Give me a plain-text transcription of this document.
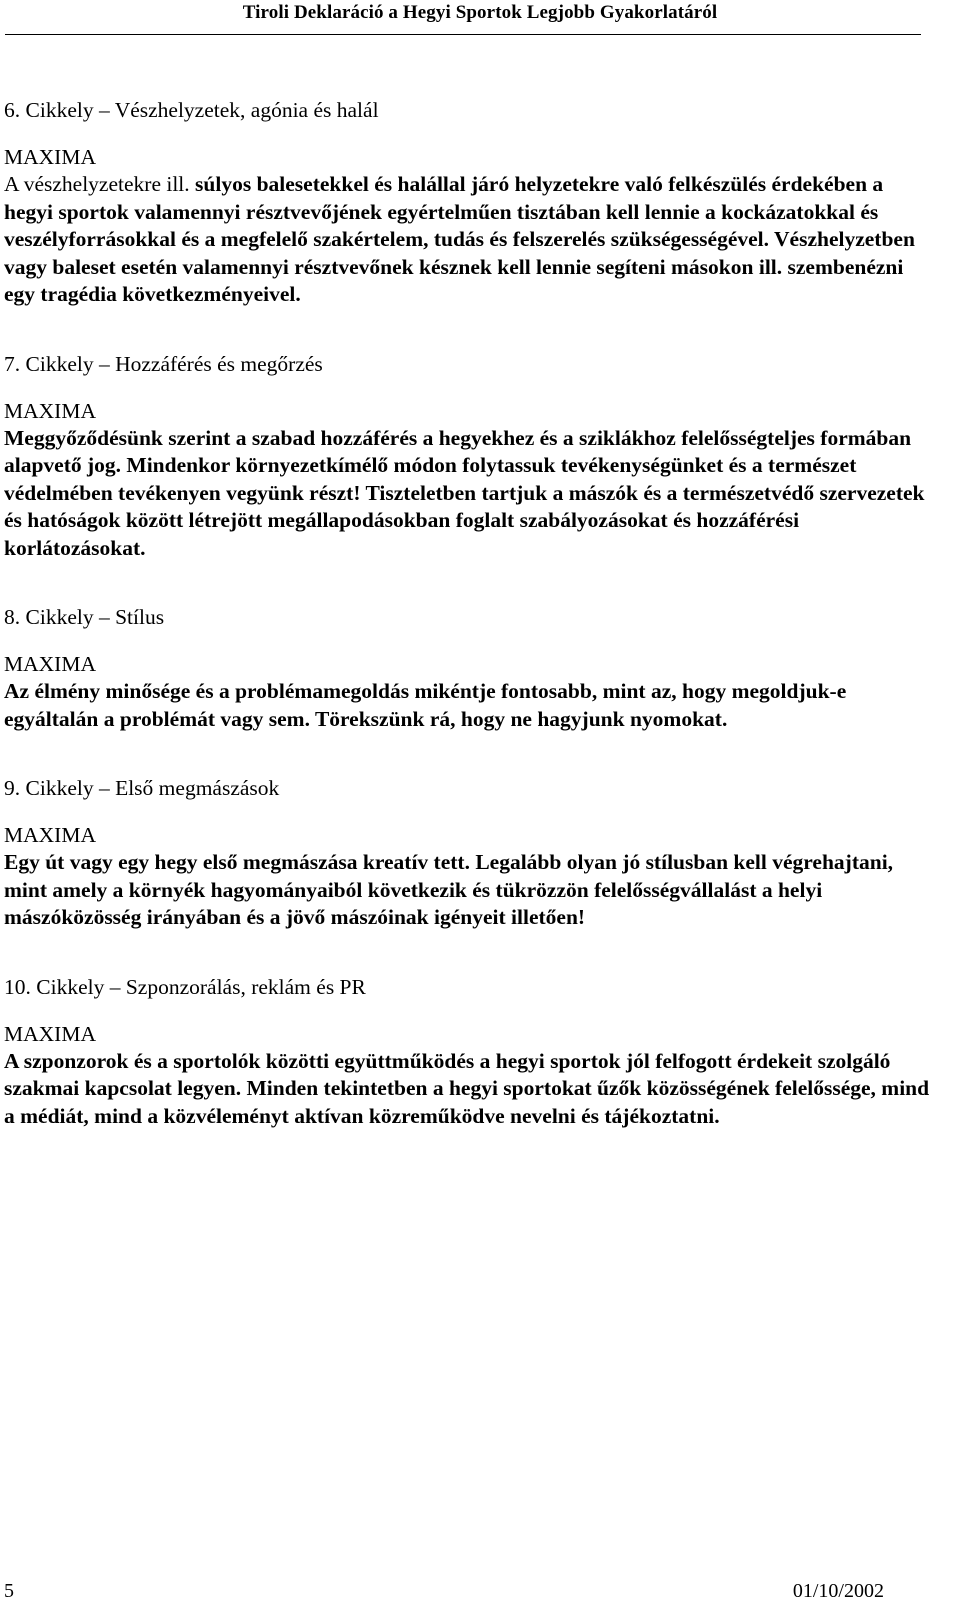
Tiroli Deklaráció a Hegyi Sportok Legjobb Gyakorlatáról

6. Cikkely – Vészhelyzetek, agónia és halál

MAXIMA

A vészhelyzetekre ill. súlyos balesetekkel és halállal járó helyzetekre való felkészülés érdekében a hegyi sportok valamennyi résztvevőjének egyértelműen tisztában kell lennie a kockázatokkal és veszélyforrásokkal és a megfelelő szakértelem, tudás és felszerelés szükségességével. Vészhelyzetben vagy baleset esetén valamennyi résztvevőnek késznek kell lennie segíteni másokon ill. szembenézni egy tragédia következményeivel.

7. Cikkely – Hozzáférés és megőrzés

MAXIMA

Meggyőződésünk szerint a szabad hozzáférés a hegyekhez és a sziklákhoz felelősségteljes formában alapvető jog. Mindenkor környezetkímélő módon folytassuk tevékenységünket és a természet védelmében tevékenyen vegyünk részt! Tiszteletben tartjuk a mászók és a természetvédő szervezetek és hatóságok között létrejött megállapodásokban foglalt szabályozásokat és hozzáférési korlátozásokat.

8. Cikkely – Stílus

MAXIMA

Az élmény minősége és a problémamegoldás mikéntje fontosabb, mint az, hogy megoldjuk-e egyáltalán a problémát vagy sem. Törekszünk rá, hogy ne hagyjunk nyomokat.

9. Cikkely – Első megmászások

MAXIMA

Egy út vagy egy hegy első megmászása kreatív tett. Legalább olyan jó stílusban kell végrehajtani, mint amely a környék hagyományaiból következik és tükrözzön felelősségvállalást a helyi mászóközösség irányában és a jövő mászóinak igényeit illetően!

10. Cikkely – Szponzorálás, reklám és PR

MAXIMA

A szponzorok és a sportolók közötti együttműködés a hegyi sportok jól felfogott érdekeit szolgáló szakmai kapcsolat legyen. Minden tekintetben a hegyi sportokat űzők közösségének felelőssége, mind a médiát, mind a közvéleményt aktívan közreműködve nevelni és tájékoztatni.

5	01/10/2002
